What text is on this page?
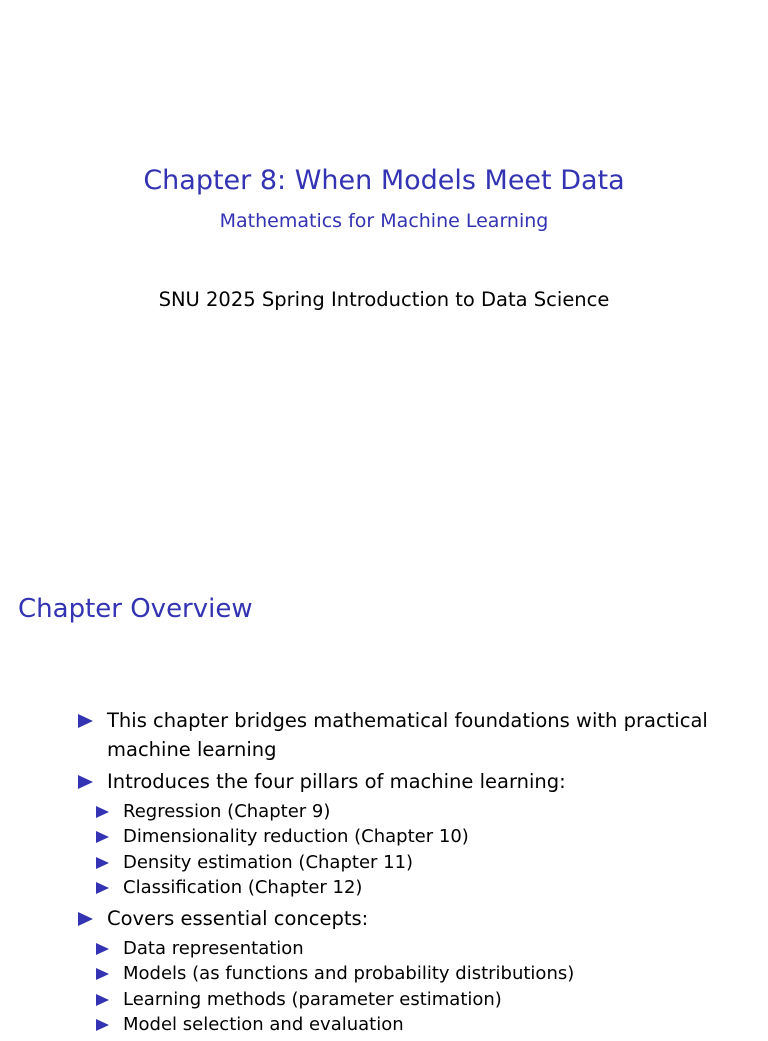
Chapter 8: When Models Meet Data
Mathematics for Machine Learning
SNU 2025 Spring Introduction to Data Science
Chapter Overview
This chapter bridges mathematical foundations with practical machine learning
Introduces the four pillars of machine learning:
Regression (Chapter 9)
Dimensionality reduction (Chapter 10)
Density estimation (Chapter 11)
Classification (Chapter 12)
Covers essential concepts:
Data representation
Models (as functions and probability distributions)
Learning methods (parameter estimation)
Model selection and evaluation
